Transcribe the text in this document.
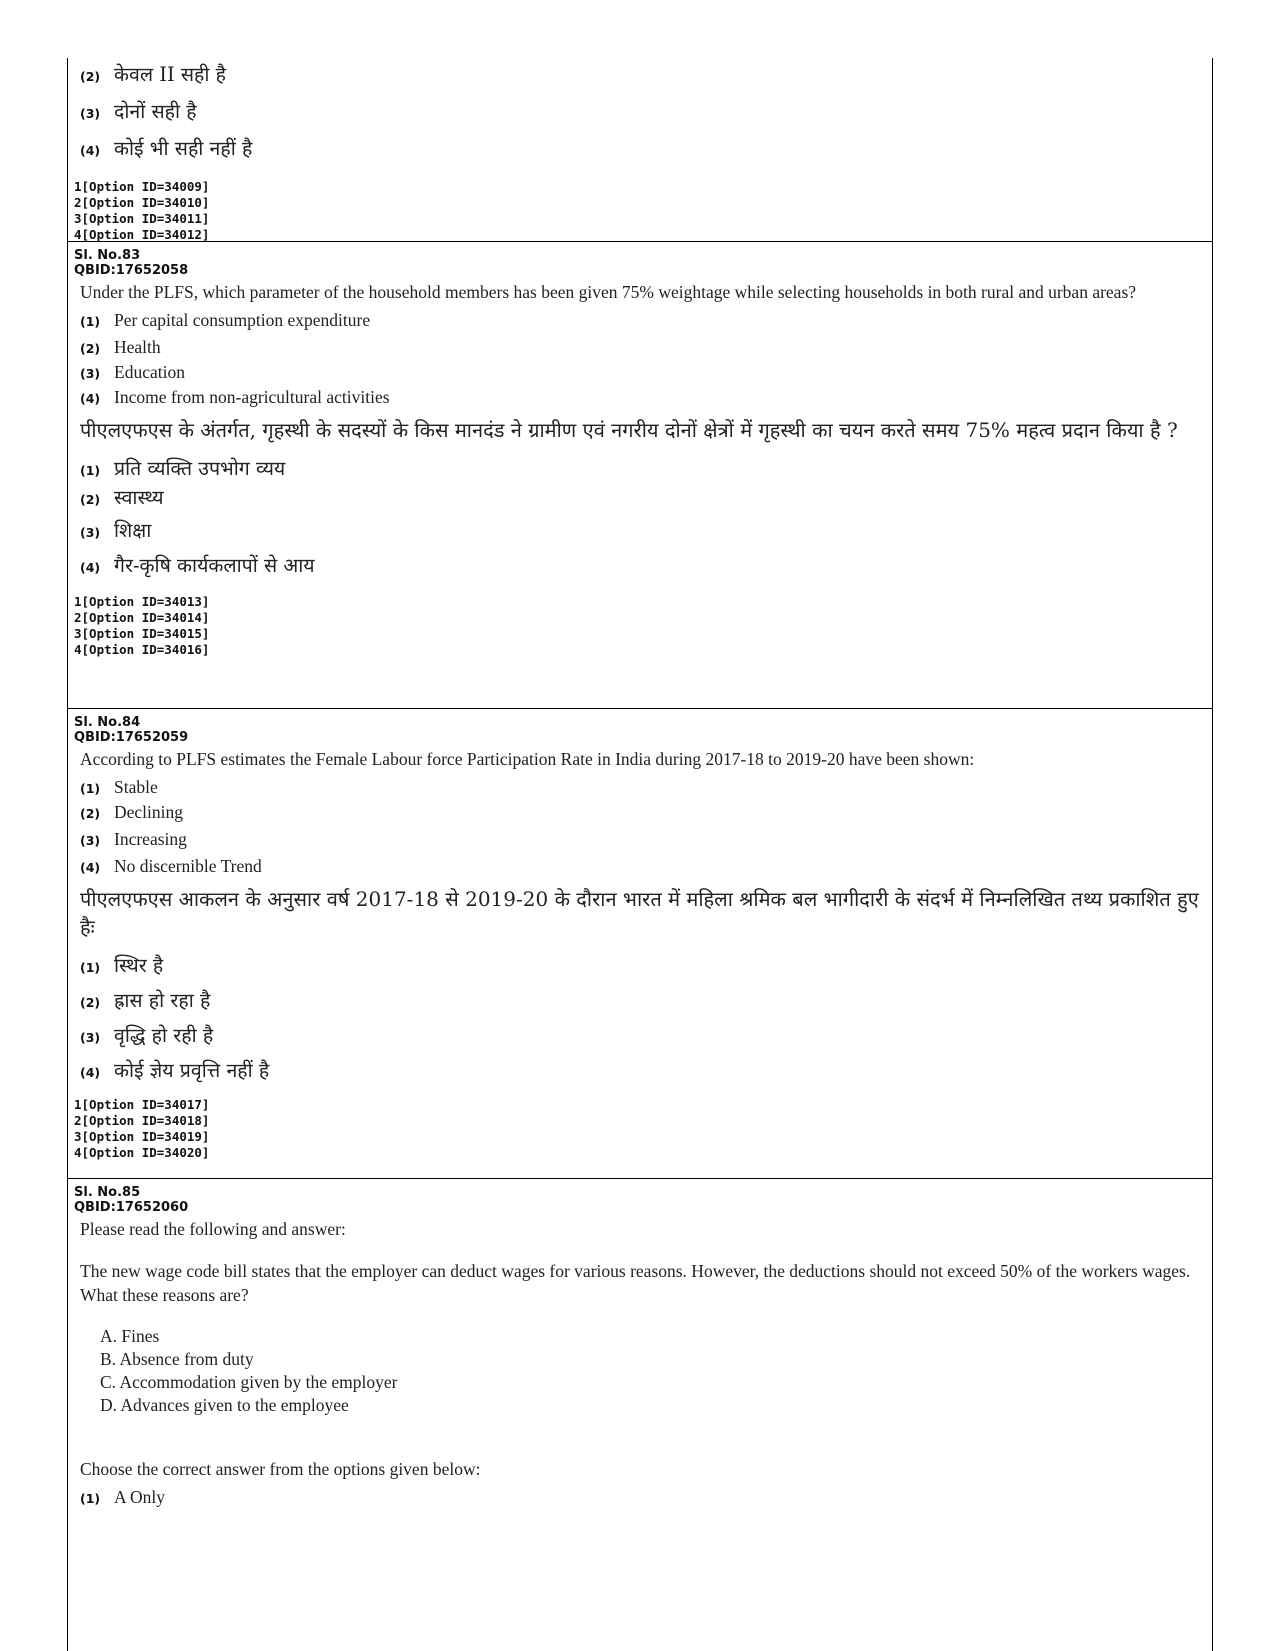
(2) केवल II सही है
(3) दोनों सही है
(4) कोई भी सही नहीं है
1[Option ID=34009]
2[Option ID=34010]
3[Option ID=34011]
4[Option ID=34012]
Sl. No.83
QBID:17652058
Under the PLFS, which parameter of the household members has been given 75% weightage while selecting households in both rural and urban areas?
(1) Per capital consumption expenditure
(2) Health
(3) Education
(4) Income from non-agricultural activities
पीएलएफएस के अंतर्गत, गृहस्थी के सदस्यों के किस मानदंड ने ग्रामीण एवं नगरीय दोनों क्षेत्रों में गृहस्थी का चयन करते समय 75% महत्व प्रदान किया है ?
(1) प्रति व्यक्ति उपभोग व्यय
(2) स्वास्थ्य
(3) शिक्षा
(4) गैर-कृषि कार्यकलापों से आय
1[Option ID=34013]
2[Option ID=34014]
3[Option ID=34015]
4[Option ID=34016]
Sl. No.84
QBID:17652059
According to PLFS estimates the Female Labour force Participation Rate in India during 2017-18 to 2019-20 have been shown:
(1) Stable
(2) Declining
(3) Increasing
(4) No discernible Trend
पीएलएफएस आकलन के अनुसार वर्ष 2017-18 से 2019-20 के दौरान भारत में महिला श्रमिक बल भागीदारी के संदर्भ में निम्नलिखित तथ्य प्रकाशित हुए हैः
(1) स्थिर है
(2) ह्रास हो रहा है
(3) वृद्धि हो रही है
(4) कोई ज्ञेय प्रवृत्ति नहीं है
1[Option ID=34017]
2[Option ID=34018]
3[Option ID=34019]
4[Option ID=34020]
Sl. No.85
QBID:17652060
Please read the following and answer:
The new wage code bill states that the employer can deduct wages for various reasons. However, the deductions should not exceed 50% of the workers wages. What these reasons are?
A. Fines
B. Absence from duty
C. Accommodation given by the employer
D. Advances given to the employee
Choose the correct answer from the options given below:
(1) A Only
